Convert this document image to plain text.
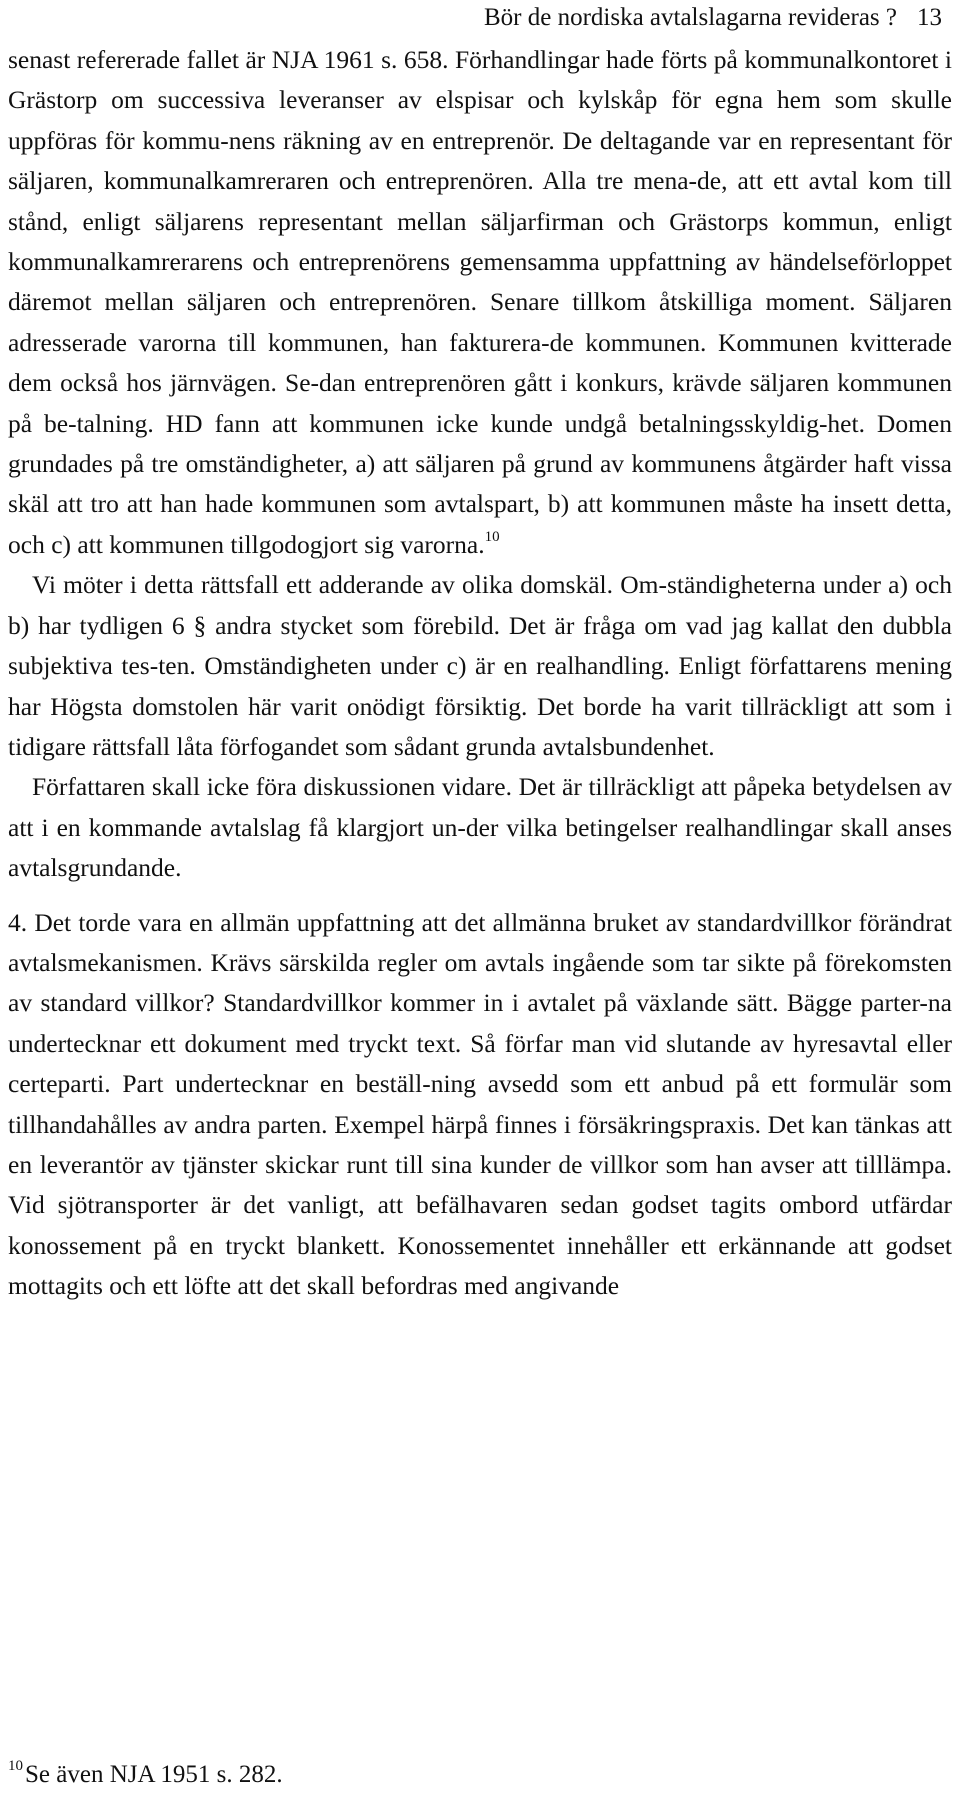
Bör de nordiska avtalslagarna revideras ? 13

senast refererade fallet är NJA 1961 s. 658. Förhandlingar hade förts på kommunalkontoret i Grästorp om successiva leveranser av elspisar och kylskåp för egna hem som skulle uppföras för kommu-nens räkning av en entreprenör. De deltagande var en representant för säljaren, kommunalkamreraren och entreprenören. Alla tre mena-de, att ett avtal kom till stånd, enligt säljarens representant mellan säljarfirman och Grästorps kommun, enligt kommunalkamrerarens och entreprenörens gemensamma uppfattning av händelseförloppet däremot mellan säljaren och entreprenören. Senare tillkom åtskilliga moment. Säljaren adresserade varorna till kommunen, han fakturera-de kommunen. Kommunen kvitterade dem också hos järnvägen. Se-dan entreprenören gått i konkurs, krävde säljaren kommunen på be-talning. HD fann att kommunen icke kunde undgå betalningsskyldig-het. Domen grundades på tre omständigheter, a) att säljaren på grund av kommunens åtgärder haft vissa skäl att tro att han hade kommunen som avtalspart, b) att kommunen måste ha insett detta, och c) att kommunen tillgodogjort sig varorna.$^{10}$

Vi möter i detta rättsfall ett adderande av olika domskäl. Om-ständigheterna under a) och b) har tydligen 6 § andra stycket som förebild. Det är fråga om vad jag kallat den dubbla subjektiva tes-ten. Omständigheten under c) är en realhandling. Enligt författarens mening har Högsta domstolen här varit onödigt försiktig. Det borde ha varit tillräckligt att som i tidigare rättsfall låta förfogandet som sådant grunda avtalsbundenhet.

Författaren skall icke föra diskussionen vidare. Det är tillräckligt att påpeka betydelsen av att i en kommande avtalslag få klargjort un-der vilka betingelser realhandlingar skall anses avtalsgrundande.

4. Det torde vara en allmän uppfattning att det allmänna bruket av standardvillkor förändrat avtalsmekanismen. Krävs särskilda regler om avtals ingående som tar sikte på förekomsten av standard villkor? Standardvillkor kommer in i avtalet på växlande sätt. Bägge parter-na undertecknar ett dokument med tryckt text. Så förfar man vid slutande av hyresavtal eller certeparti. Part undertecknar en beställ-ning avsedd som ett anbud på ett formulär som tillhandahålles av andra parten. Exempel härpå finnes i försäkringspraxis. Det kan tänkas att en leverantör av tjänster skickar runt till sina kunder de villkor som han avser att tilllämpa. Vid sjötransporter är det vanligt, att befälhavaren sedan godset tagits ombord utfärdar konossement på en tryckt blankett. Konossementet innehåller ett erkännande att godset mottagits och ett löfte att det skall befordras med angivande

$^{10}$Se även NJA 1951 s. 282.
